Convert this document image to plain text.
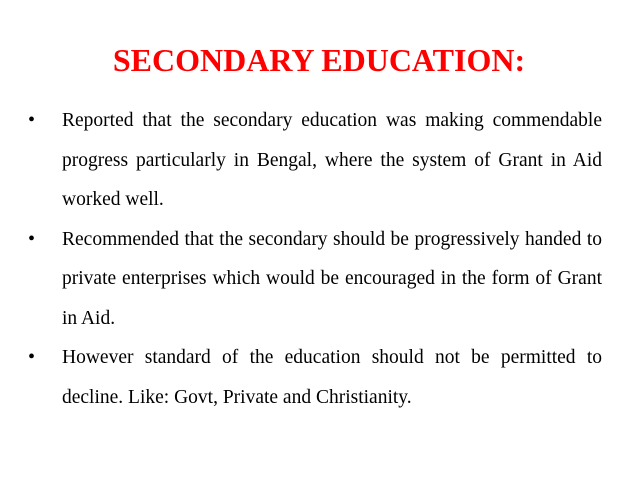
SECONDARY EDUCATION:
•	Reported that the secondary education was making commendable progress particularly in Bengal, where the system of Grant in Aid worked well.
•	Recommended that the secondary should be progressively handed to private enterprises which would be encouraged in the form of Grant in Aid.
•	However standard of the education should not be permitted to decline. Like: Govt, Private and Christianity.
